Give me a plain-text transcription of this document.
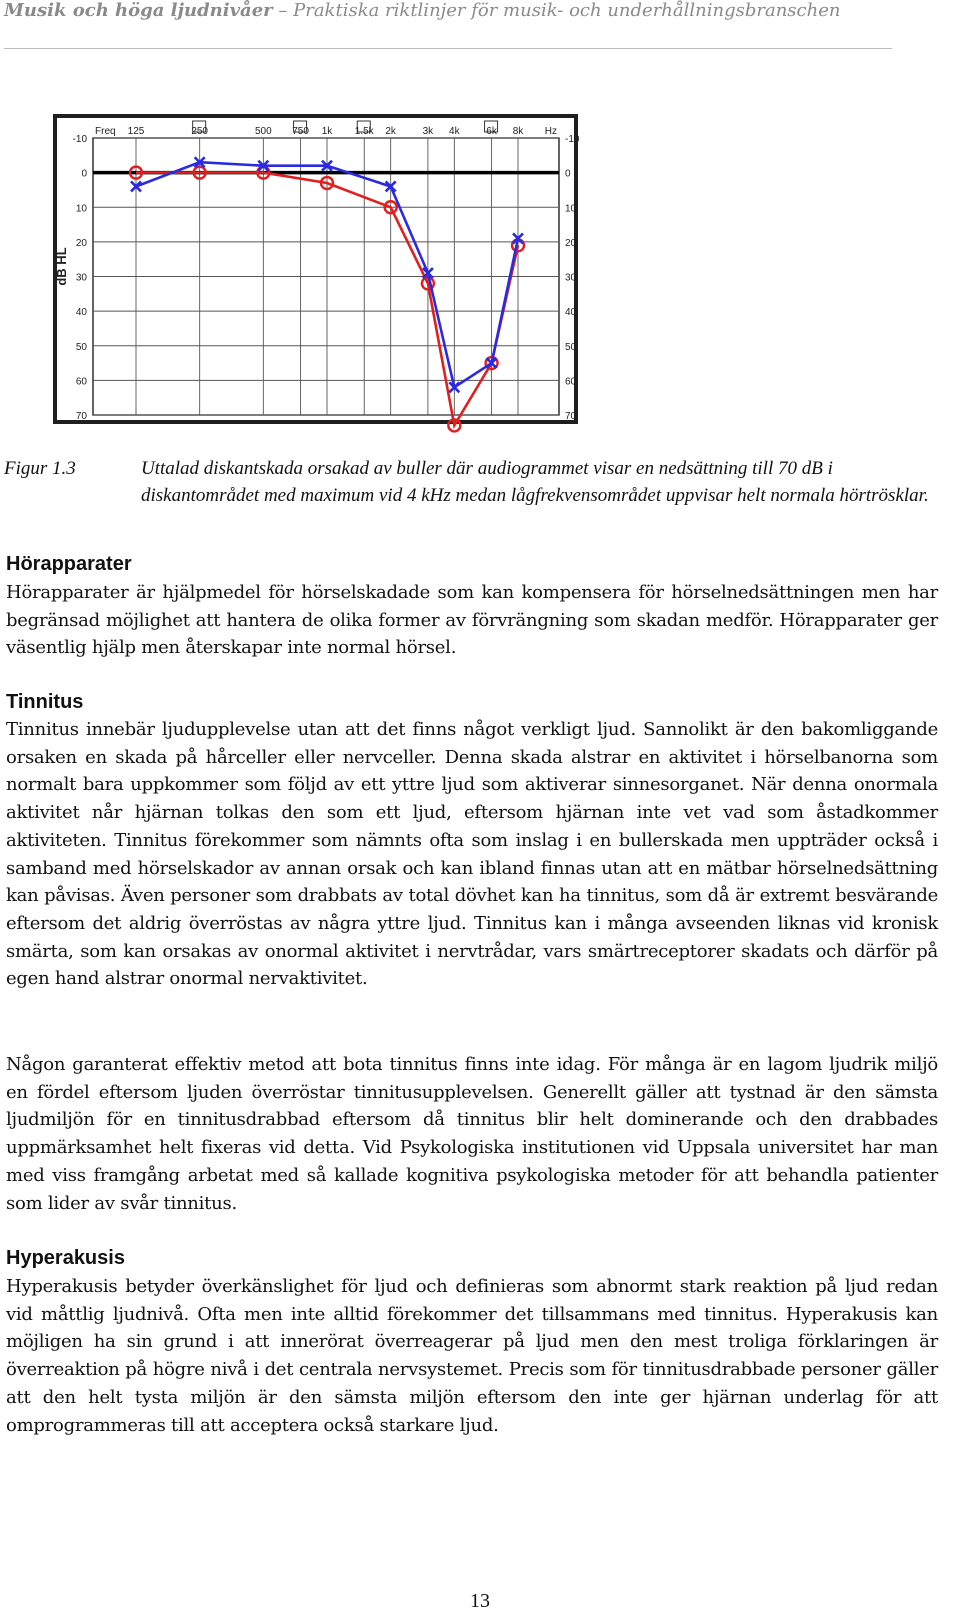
Musik och höga ljudnivåer – Praktiska riktlinjer för musik- och underhållningsbranschen
-10	-10
0	0
10	10
20	20
30	30
40	40
50	50
60	60
70	70
125	250	500 750 1k 1.5k 2k	3k 4k	6k 8k
Freq	Hz
dB HL
Figur 1.3	Uttalad diskantskada orsakad av buller där audiogrammet visar en nedsättning till 70 dB i diskantområdet med maximum vid 4 kHz medan lågfrekvensområdet uppvisar helt normala hörtrösklar.
Hörapparater
Hörapparater är hjälpmedel för hörselskadade som kan kompensera för hörselnedsättningen men har begränsad möjlighet att hantera de olika former av förvrängning som skadan medför. Hörapparater ger väsentlig hjälp men återskapar inte normal hörsel.
Tinnitus
Tinnitus innebär ljudupplevelse utan att det finns något verkligt ljud. Sannolikt är den bakomliggande orsaken en skada på hårceller eller nervceller. Denna skada alstrar en aktivitet i hörselbanorna som normalt bara uppkommer som följd av ett yttre ljud som aktiverar sinnesorganet. När denna onormala aktivitet når hjärnan tolkas den som ett ljud, eftersom hjärnan inte vet vad som åstadkommer aktiviteten. Tinnitus förekommer som nämnts ofta som inslag i en bullerskada men uppträder också i samband med hörselskador av annan orsak och kan ibland finnas utan att en mätbar hörselnedsättning kan påvisas. Även personer som drabbats av total dövhet kan ha tinnitus, som då är extremt besvärande eftersom det aldrig överröstas av några yttre ljud. Tinnitus kan i många avseenden liknas vid kronisk smärta, som kan orsakas av onormal aktivitet i nervtrådar, vars smärtreceptorer skadats och därför på egen hand alstrar onormal nervaktivitet.
Någon garanterat effektiv metod att bota tinnitus finns inte idag. För många är en lagom ljudrik miljö en fördel eftersom ljuden överröstar tinnitusupplevelsen. Generellt gäller att tystnad är den sämsta ljudmiljön för en tinnitusdrabbad eftersom då tinnitus blir helt dominerande och den drabbades uppmärksamhet helt fixeras vid detta. Vid Psykologiska institutionen vid Uppsala universitet har man med viss framgång arbetat med så kallade kognitiva psykologiska metoder för att behandla patienter som lider av svår tinnitus.
Hyperakusis
Hyperakusis betyder överkänslighet för ljud och definieras som abnormt stark reaktion på ljud redan vid måttlig ljudnivå. Ofta men inte alltid förekommer det tillsammans med tinnitus. Hyperakusis kan möjligen ha sin grund i att innerörat överreagerar på ljud men den mest troliga förklaringen är överreaktion på högre nivå i det centrala nervsystemet. Precis som för tinnitusdrabbade personer gäller att den helt tysta miljön är den sämsta miljön eftersom den inte ger hjärnan underlag för att omprogrammeras till att acceptera också starkare ljud.
13
